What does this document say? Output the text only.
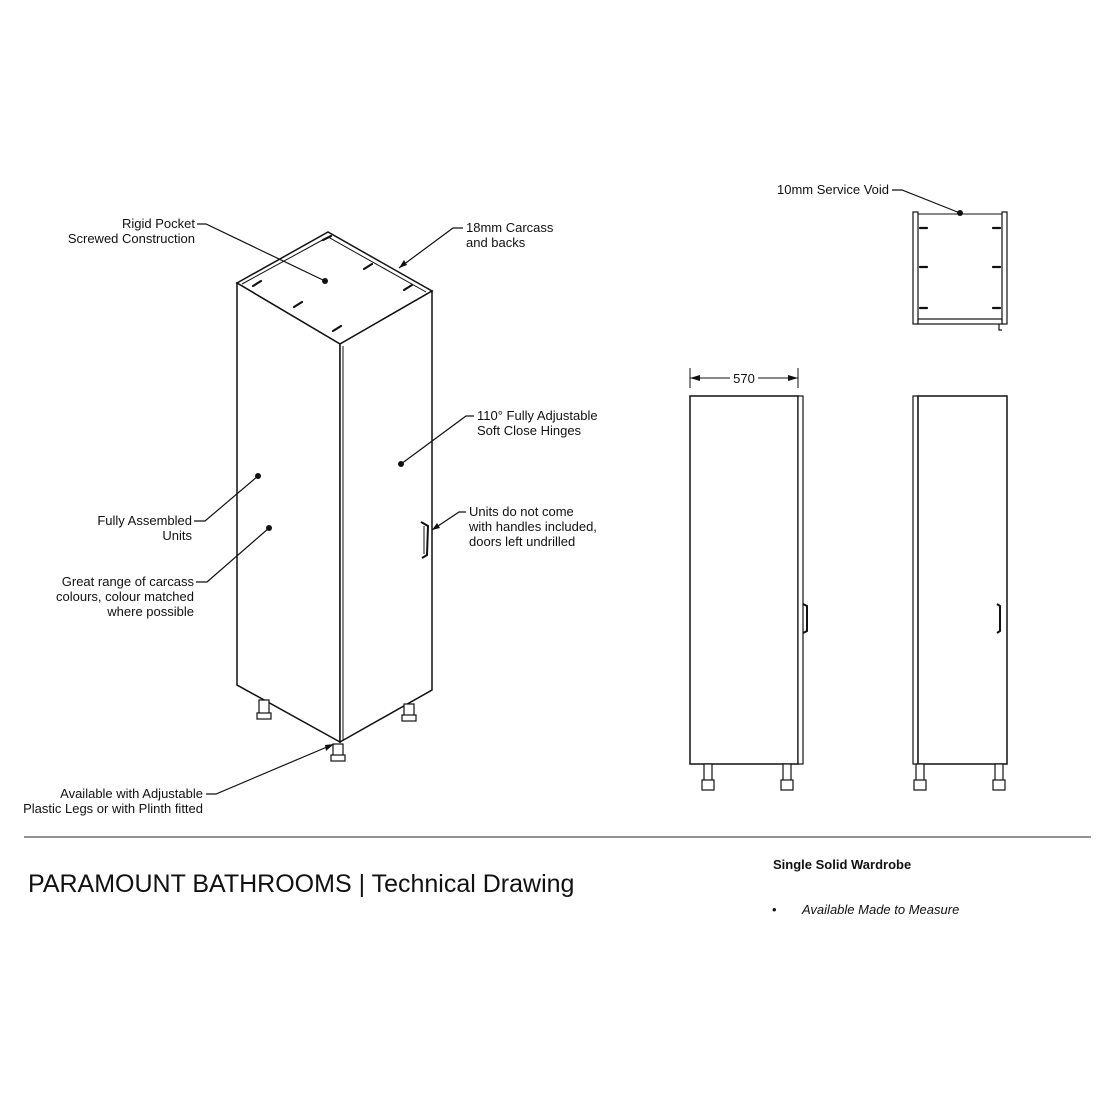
Rigid Pocket
Screwed Construction
18mm Carcass
and backs
110° Fully Adjustable
Soft Close Hinges
Fully Assembled
Units
Units do not come
with handles included,
doors left undrilled
Great range of carcass
colours, colour matched
where possible
Available with Adjustable
Plastic Legs or with Plinth fitted
10mm Service Void
570
PARAMOUNT BATHROOMS | Technical Drawing
Single Solid Wardrobe
•	Available Made to Measure
